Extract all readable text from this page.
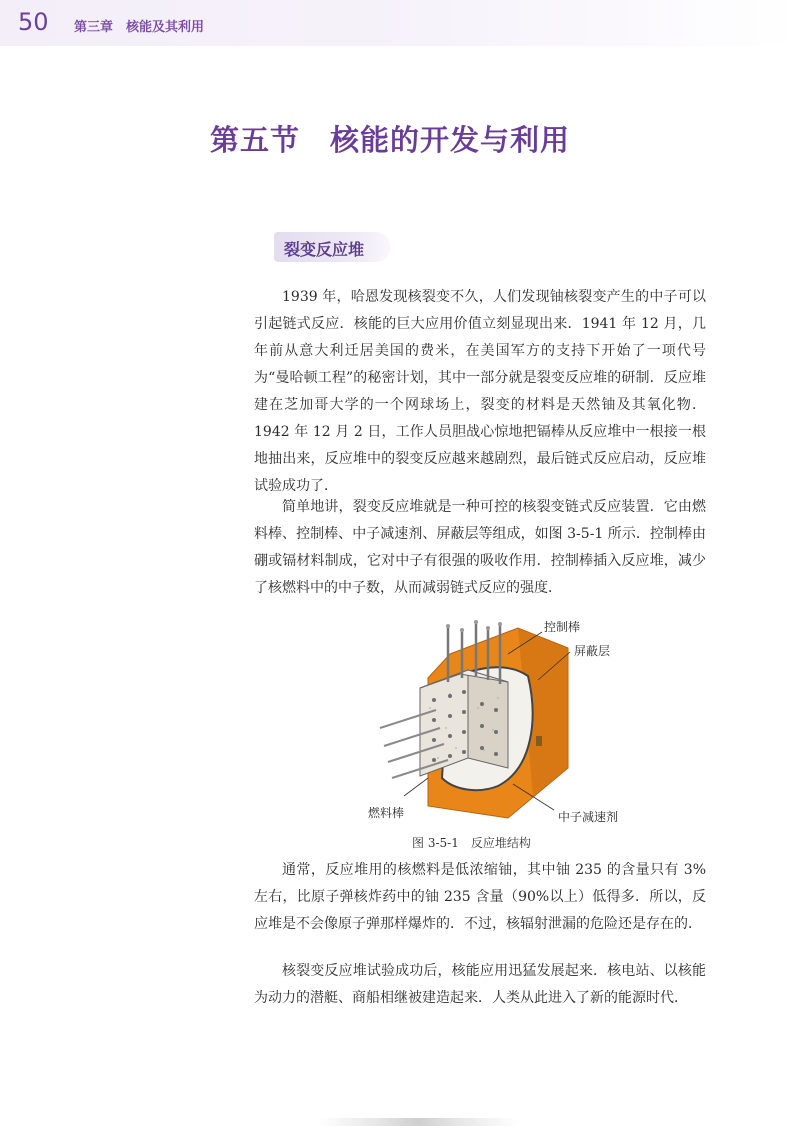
50 第三章　核能及其利用
第五节　核能的开发与利用
裂变反应堆

1939 年，哈恩发现核裂变不久，人们发现铀核裂变产生的中子可以引起链式反应．核能的巨大应用价值立刻显现出来．1941 年 12 月，几年前从意大利迁居美国的费米，在美国军方的支持下开始了一项代号为“曼哈顿工程”的秘密计划，其中一部分就是裂变反应堆的研制．反应堆建在芝加哥大学的一个网球场上，裂变的材料是天然铀及其氧化物．1942 年 12 月 2 日，工作人员胆战心惊地把镉棒从反应堆中一根接一根地抽出来，反应堆中的裂变反应越来越剧烈，最后链式反应启动，反应堆试验成功了．

简单地讲，裂变反应堆就是一种可控的核裂变链式反应装置．它由燃料棒、控制棒、中子减速剂、屏蔽层等组成，如图 3-5-1 所示．控制棒由硼或镉材料制成，它对中子有很强的吸收作用．控制棒插入反应堆，减少了核燃料中的中子数，从而减弱链式反应的强度．

控制棒
屏蔽层
燃料棒	中子减速剂
图 3-5-1　反应堆结构

通常，反应堆用的核燃料是低浓缩铀，其中铀 235 的含量只有 3%左右，比原子弹核炸药中的铀 235 含量（90%以上）低得多．所以，反应堆是不会像原子弹那样爆炸的．不过，核辐射泄漏的危险还是存在的．

核裂变反应堆试验成功后，核能应用迅猛发展起来．核电站、以核能为动力的潜艇、商船相继被建造起来．人类从此进入了新的能源时代．
